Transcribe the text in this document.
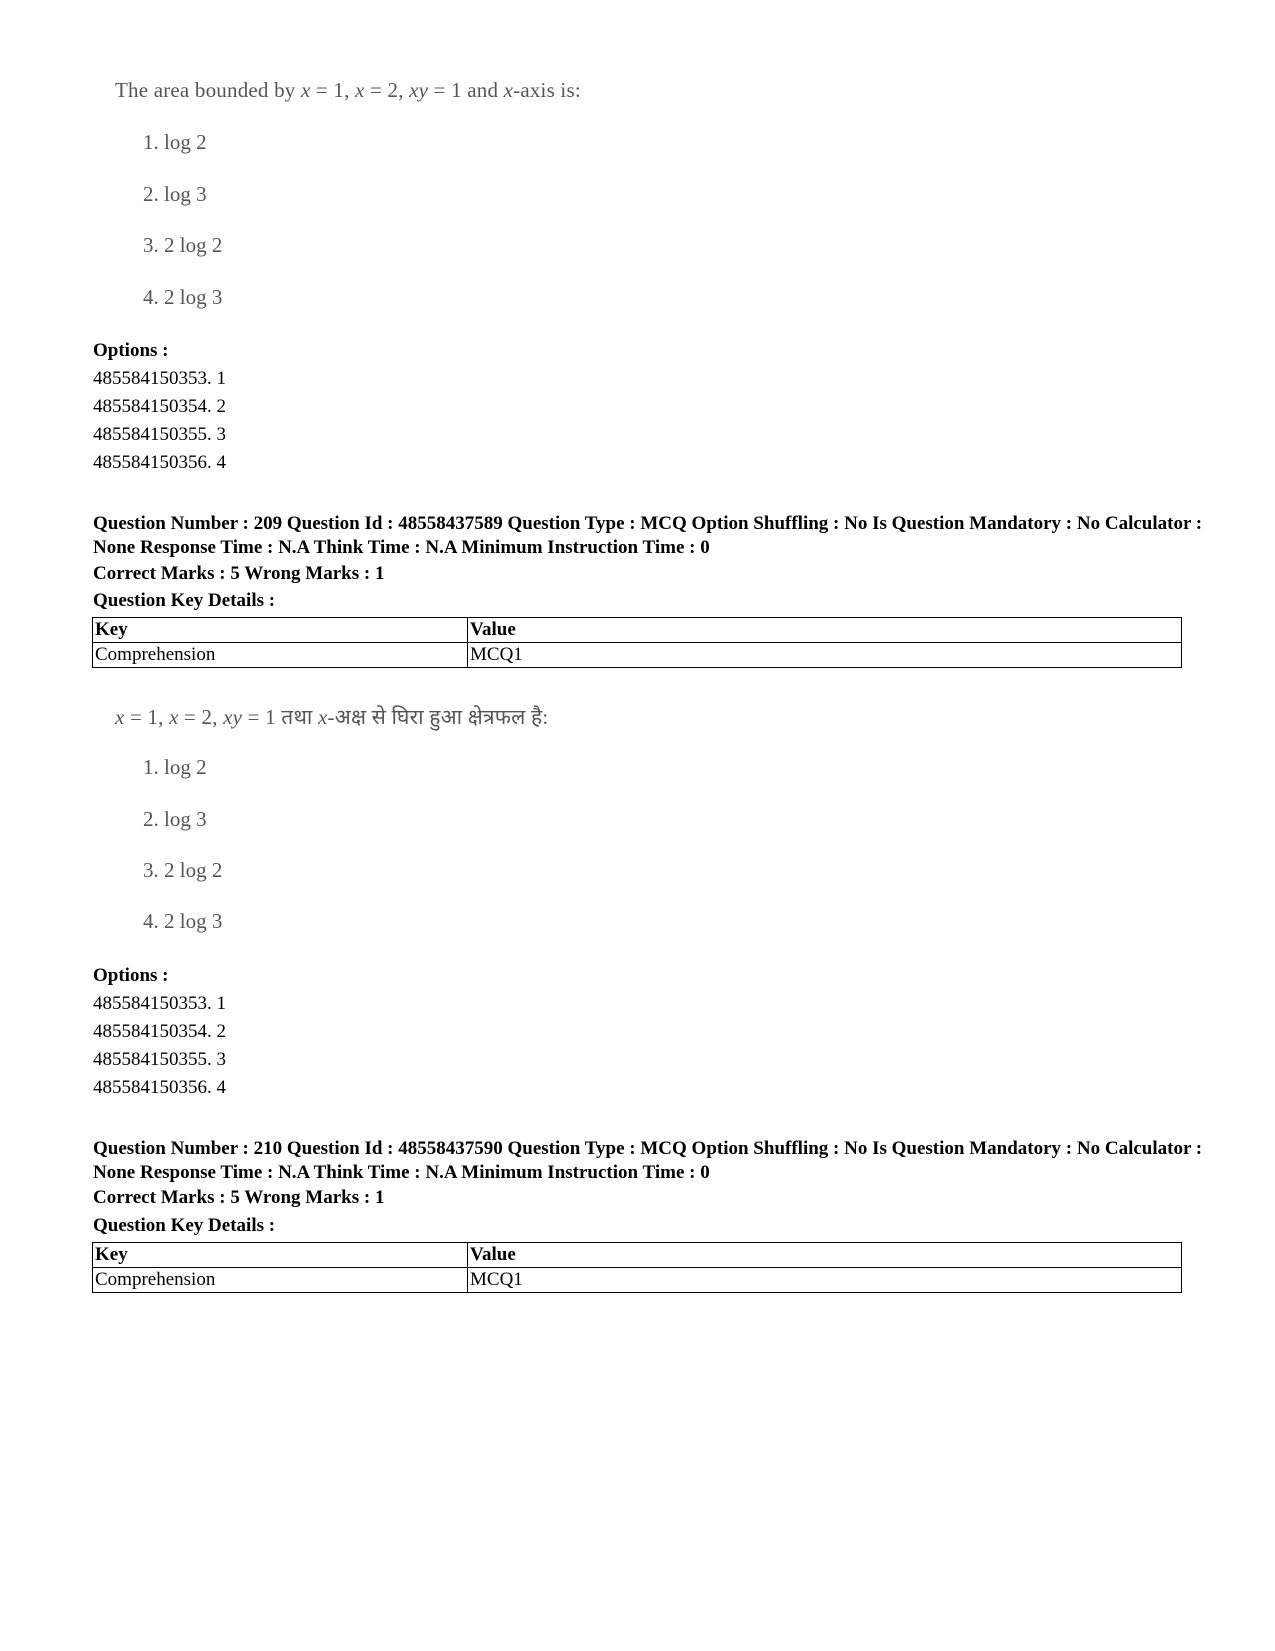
The area bounded by x = 1, x = 2, xy = 1 and x-axis is:
1. log 2
2. log 3
3. 2 log 2
4. 2 log 3
Options :
485584150353. 1
485584150354. 2
485584150355. 3
485584150356. 4
Question Number : 209 Question Id : 48558437589 Question Type : MCQ Option Shuffling : No Is Question Mandatory : No Calculator : None Response Time : N.A Think Time : N.A Minimum Instruction Time : 0
Correct Marks : 5 Wrong Marks : 1
Question Key Details :
Key	Value
Comprehension	MCQ1
x = 1, x = 2, xy = 1 तथा x-अक्ष से घिरा हुआ क्षेत्रफल है:
1. log 2
2. log 3
3. 2 log 2
4. 2 log 3
Options :
485584150353. 1
485584150354. 2
485584150355. 3
485584150356. 4
Question Number : 210 Question Id : 48558437590 Question Type : MCQ Option Shuffling : No Is Question Mandatory : No Calculator : None Response Time : N.A Think Time : N.A Minimum Instruction Time : 0
Correct Marks : 5 Wrong Marks : 1
Question Key Details :
Key	Value
Comprehension	MCQ1
